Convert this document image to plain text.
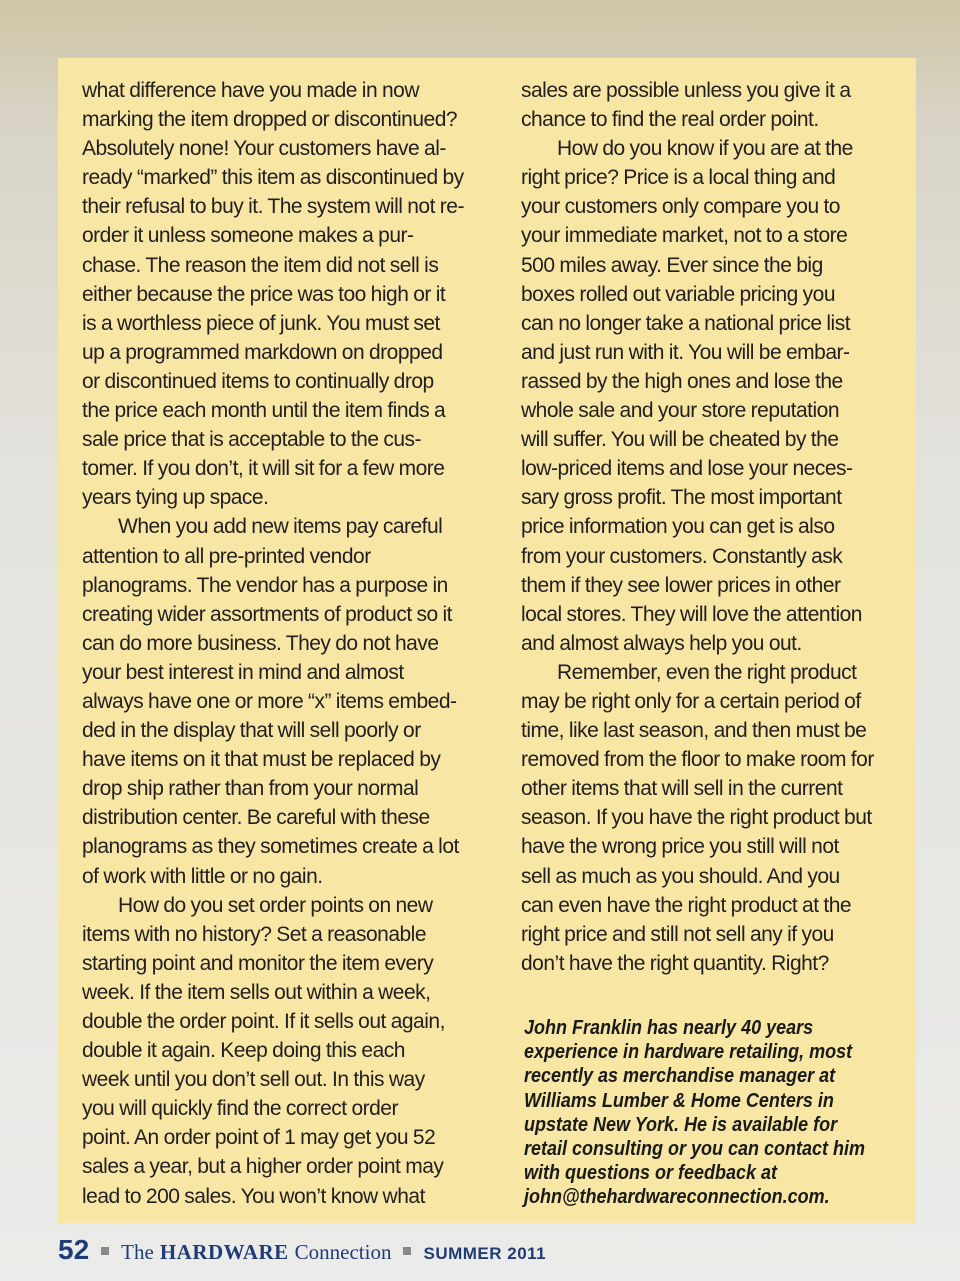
what difference have you made in now
marking the item dropped or discontinued?
Absolutely none! Your customers have al-
ready “marked” this item as discontinued by
their refusal to buy it. The system will not re-
order it unless someone makes a pur-
chase. The reason the item did not sell is
either because the price was too high or it
is a worthless piece of junk. You must set
up a programmed markdown on dropped
or discontinued items to continually drop
the price each month until the item finds a
sale price that is acceptable to the cus-
tomer. If you don’t, it will sit for a few more
years tying up space.

When you add new items pay careful
attention to all pre-printed vendor
planograms. The vendor has a purpose in
creating wider assortments of product so it
can do more business. They do not have
your best interest in mind and almost
always have one or more “x” items embed-
ded in the display that will sell poorly or
have items on it that must be replaced by
drop ship rather than from your normal
distribution center. Be careful with these
planograms as they sometimes create a lot
of work with little or no gain.

How do you set order points on new
items with no history? Set a reasonable
starting point and monitor the item every
week. If the item sells out within a week,
double the order point. If it sells out again,
double it again. Keep doing this each
week until you don’t sell out. In this way
you will quickly find the correct order
point. An order point of 1 may get you 52
sales a year, but a higher order point may
lead to 200 sales. You won’t know what

sales are possible unless you give it a
chance to find the real order point.

How do you know if you are at the
right price? Price is a local thing and
your customers only compare you to
your immediate market, not to a store
500 miles away. Ever since the big
boxes rolled out variable pricing you
can no longer take a national price list
and just run with it. You will be embar-
rassed by the high ones and lose the
whole sale and your store reputation
will suffer. You will be cheated by the
low-priced items and lose your neces-
sary gross profit. The most important
price information you can get is also
from your customers. Constantly ask
them if they see lower prices in other
local stores. They will love the attention
and almost always help you out.

Remember, even the right product
may be right only for a certain period of
time, like last season, and then must be
removed from the floor to make room for
other items that will sell in the current
season. If you have the right product but
have the wrong price you still will not
sell as much as you should. And you
can even have the right product at the
right price and still not sell any if you
don’t have the right quantity. Right?

John Franklin has nearly 40 years
experience in hardware retailing, most
recently as merchandise manager at
Williams Lumber & Home Centers in
upstate New York. He is available for
retail consulting or you can contact him
with questions or feedback at
john@thehardwareconnection.com.
52 The HARDWARE Connection SUMMER 2011
